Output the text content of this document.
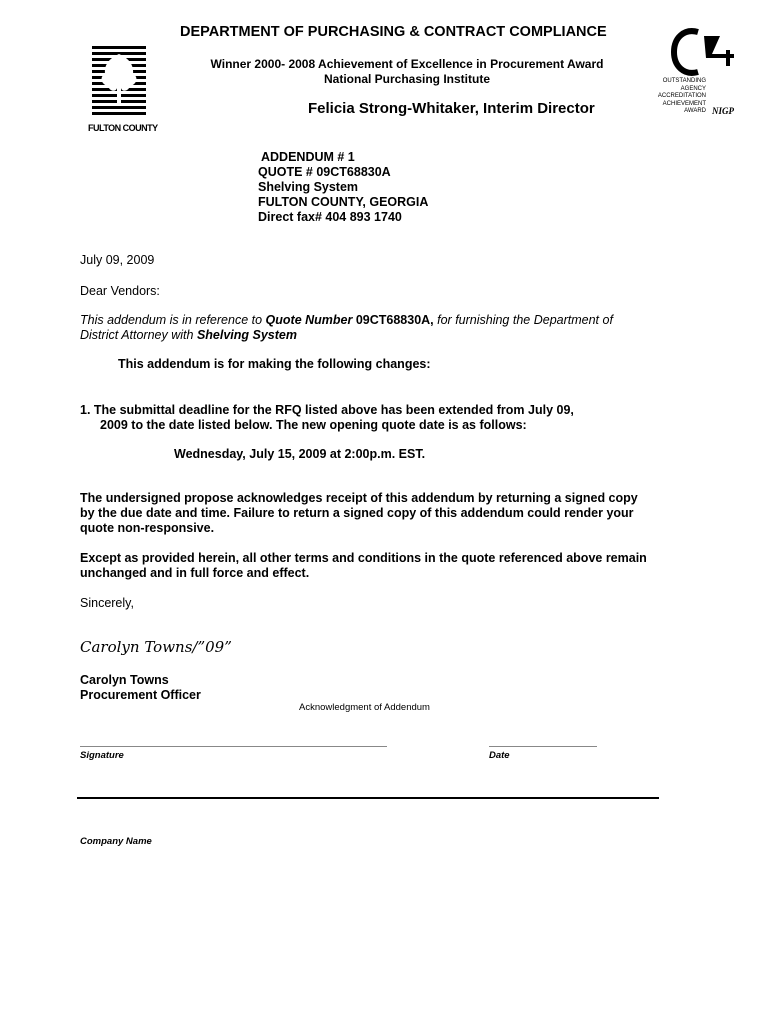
FULTON COUNTY
DEPARTMENT OF PURCHASING & CONTRACT COMPLIANCE
Winner 2000- 2008 Achievement of Excellence in Procurement Award
National Purchasing Institute
Felicia Strong-Whitaker, Interim Director
OUTSTANDING
AGENCY
ACCREDITATION
ACHIEVEMENT
AWARD NIGP
ADDENDUM # 1
QUOTE # 09CT68830A
Shelving System
FULTON COUNTY, GEORGIA
Direct fax# 404 893 1740
July 09, 2009
Dear Vendors:
This addendum is in reference to Quote Number 09CT68830A, for furnishing the Department of District Attorney with Shelving System
This addendum is for making the following changes:
1. The submittal deadline for the RFQ listed above has been extended from July 09,
2009 to the date listed below. The new opening quote date is as follows:
Wednesday, July 15, 2009 at 2:00p.m. EST.
The undersigned propose acknowledges receipt of this addendum by returning a signed copy by the due date and time. Failure to return a signed copy of this addendum could render your quote non-responsive.
Except as provided herein, all other terms and conditions in the quote referenced above remain unchanged and in full force and effect.
Sincerely,
Carolyn Towns/”09”
Carolyn Towns
Procurement Officer
Acknowledgment of Addendum
Signature	Date
Company Name
